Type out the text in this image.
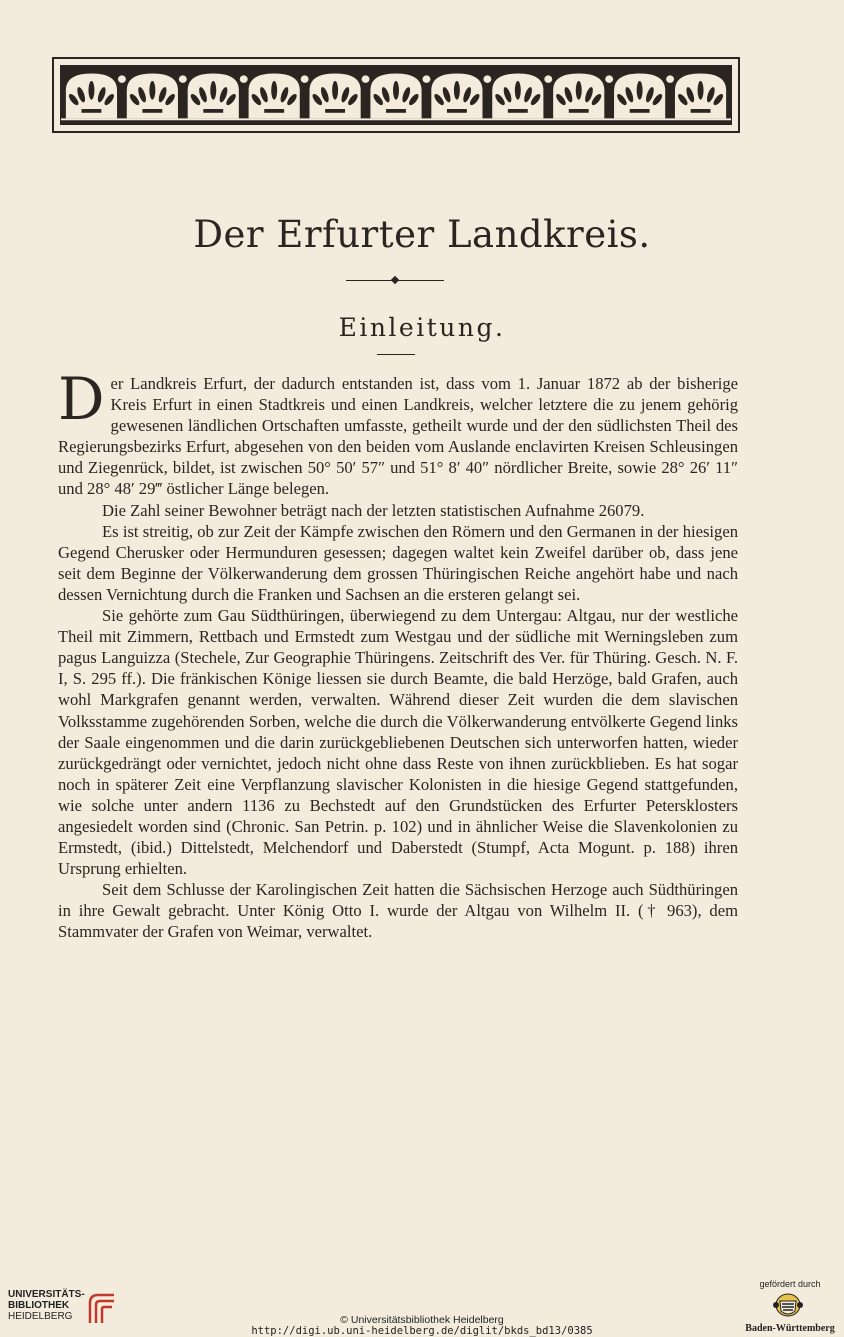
Der Erfurter Landkreis.
Einleitung.

Der Landkreis Erfurt, der dadurch entstanden ist, dass vom 1. Januar 1872 ab der bisherige Kreis Erfurt in einen Stadtkreis und einen Landkreis, welcher letztere die zu jenem gehörig gewesenen ländlichen Ortschaften umfasste, getheilt wurde und der den südlichsten Theil des Regierungsbezirks Erfurt, abgesehen von den beiden vom Auslande enclavirten Kreisen Schleusingen und Ziegenrück, bildet, ist zwischen 50° 50′ 57″ und 51° 8′ 40″ nördlicher Breite, sowie 28° 26′ 11″ und 28° 48′ 29‴ östlicher Länge belegen.

Die Zahl seiner Bewohner beträgt nach der letzten statistischen Aufnahme 26079.

Es ist streitig, ob zur Zeit der Kämpfe zwischen den Römern und den Germanen in der hiesigen Gegend Cherusker oder Hermunduren gesessen; dagegen waltet kein Zweifel darüber ob, dass jene seit dem Beginne der Völkerwanderung dem grossen Thüringischen Reiche angehört habe und nach dessen Vernichtung durch die Franken und Sachsen an die ersteren gelangt sei.

Sie gehörte zum Gau Südthüringen, überwiegend zu dem Untergau: Altgau, nur der westliche Theil mit Zimmern, Rettbach und Ermstedt zum Westgau und der südliche mit Werningsleben zum pagus Languizza (Stechele, Zur Geographie Thüringens. Zeitschrift des Ver. für Thüring. Gesch. N. F. I, S. 295 ff.). Die fränkischen Könige liessen sie durch Beamte, die bald Herzöge, bald Grafen, auch wohl Markgrafen genannt werden, verwalten. Während dieser Zeit wurden die dem slavischen Volksstamme zugehörenden Sorben, welche die durch die Völkerwanderung entvölkerte Gegend links der Saale eingenommen und die darin zurückgebliebenen Deutschen sich unterworfen hatten, wieder zurückgedrängt oder vernichtet, jedoch nicht ohne dass Reste von ihnen zurückblieben. Es hat sogar noch in späterer Zeit eine Verpflanzung slavischer Kolonisten in die hiesige Gegend stattgefunden, wie solche unter andern 1136 zu Bechstedt auf den Grundstücken des Erfurter Petersklosters angesiedelt worden sind (Chronic. San Petrin. p. 102) und in ähnlicher Weise die Slavenkolonien zu Ermstedt, (ibid.) Dittelstedt, Melchendorf und Daberstedt (Stumpf, Acta Mogunt. p. 188) ihren Ursprung erhielten.

Seit dem Schlusse der Karolingischen Zeit hatten die Sächsischen Herzoge auch Südthüringen in ihre Gewalt gebracht. Unter König Otto I. wurde der Altgau von Wilhelm II. († 963), dem Stammvater der Grafen von Weimar, verwaltet.

UNIVERSITÄTS-
BIBLIOTHEK
HEIDELBERG	© Universitätsbibliothek Heidelberg
http://digi.ub.uni-heidelberg.de/diglit/bkds_bd13/0385
gefördert durch
Baden-Württemberg
